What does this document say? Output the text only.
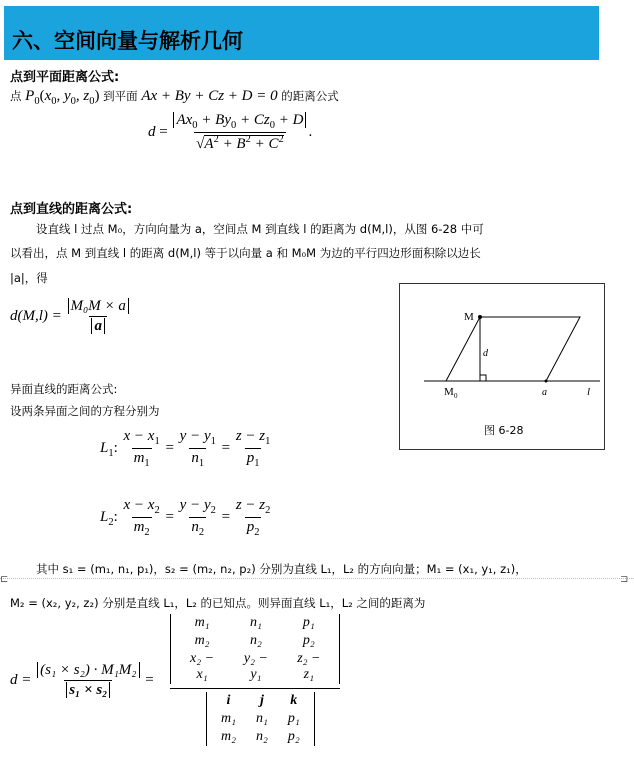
六、空间向量与解析几何
点到平面距离公式:
点 $P_0(x_0$, $y_0$, $z_0$) 到平面 Ax + By + Cz + D = 0 的距离公式
$d = \frac{Ax_0 + By_0 + Cz_0 + D}{√A^2 + B^2 + C^2}$ .
点到直线的距离公式:
设直线 l 过点 M₀，方向向量为 a，空间点 M 到直线 l 的距离为 d(M,l)，从图 6-28 中可
以看出，点 M 到直线 l 的距离 d(M,l) 等于以向量 a 和 M₀M 为边的平行四边形面积除以边长
|a|，得
$d(M,l) = \frac{\text{M₀M × a}}{a}$	M
d
M 0	a	l
图 6-28
异面直线的距离公式:
设两条异面之间的方程分别为
$L_1$: $\frac{x - x_1}{m_1} = \frac{y - y_1}{n_1} = \frac{z - z_1}{p_1}$
$L_2$: $\frac{x - x_2}{m_2} = \frac{y - y_2}{n_2} = \frac{z - z_2}{p_2}$
其中 s₁ = (m₁, n₁, p₁)，s₂ = (m₂, n₂, p₂) 分别为直线 L₁，L₂ 的方向向量；M₁ = (x₁, y₁, z₁)，
⊏	⊐
M₂ = (x₂, y₂, z₂) 分别是直线 L₁，L₂ 的已知点。则异面直线 L₁，L₂ 之间的距离为
$d = \frac{\text{(s₁ × s₂) · M₁M₂}}{\text{s₁ × s₂}}$ =
m₁	n₁	p₁
m₂	n₂	p₂
x₂ − x₁	y₂ − y₁	z₂ − z₁
i	j	k
m₁	n₁	p₁
m₂	n₂	p₂
